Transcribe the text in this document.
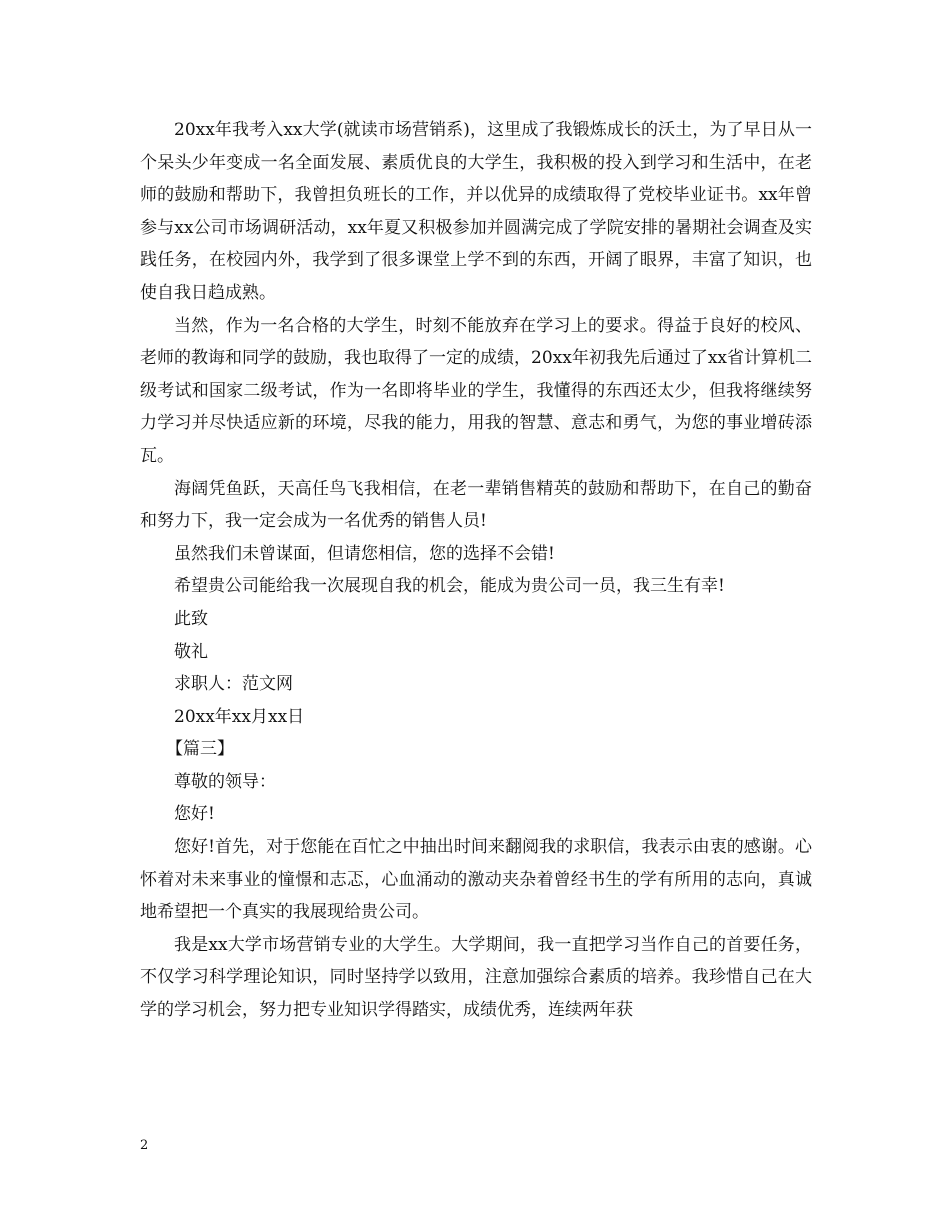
20xx年我考入xx大学(就读市场营销系)，这里成了我锻炼成长的沃土，为了早日从一个呆头少年变成一名全面发展、素质优良的大学生，我积极的投入到学习和生活中，在老师的鼓励和帮助下，我曾担负班长的工作，并以优异的成绩取得了党校毕业证书。xx年曾参与xx公司市场调研活动，xx年夏又积极参加并圆满完成了学院安排的暑期社会调查及实践任务，在校园内外，我学到了很多课堂上学不到的东西，开阔了眼界，丰富了知识，也使自我日趋成熟。

当然，作为一名合格的大学生，时刻不能放弃在学习上的要求。得益于良好的校风、老师的教诲和同学的鼓励，我也取得了一定的成绩，20xx年初我先后通过了xx省计算机二级考试和国家二级考试，作为一名即将毕业的学生，我懂得的东西还太少，但我将继续努力学习并尽快适应新的环境，尽我的能力，用我的智慧、意志和勇气，为您的事业增砖添瓦。

海阔凭鱼跃，天高任鸟飞我相信，在老一辈销售精英的鼓励和帮助下，在自己的勤奋和努力下，我一定会成为一名优秀的销售人员!

虽然我们未曾谋面，但请您相信，您的选择不会错!

希望贵公司能给我一次展现自我的机会，能成为贵公司一员，我三生有幸!

此致

敬礼

求职人：范文网

20xx年xx月xx日

【篇三】

尊敬的领导：

您好!

您好!首先，对于您能在百忙之中抽出时间来翻阅我的求职信，我表示由衷的感谢。心怀着对未来事业的憧憬和志忑，心血涌动的激动夹杂着曾经书生的学有所用的志向，真诚地希望把一个真实的我展现给贵公司。

我是xx大学市场营销专业的大学生。大学期间，我一直把学习当作自己的首要任务，不仅学习科学理论知识，同时坚持学以致用，注意加强综合素质的培养。我珍惜自己在大学的学习机会，努力把专业知识学得踏实，成绩优秀，连续两年获

2
